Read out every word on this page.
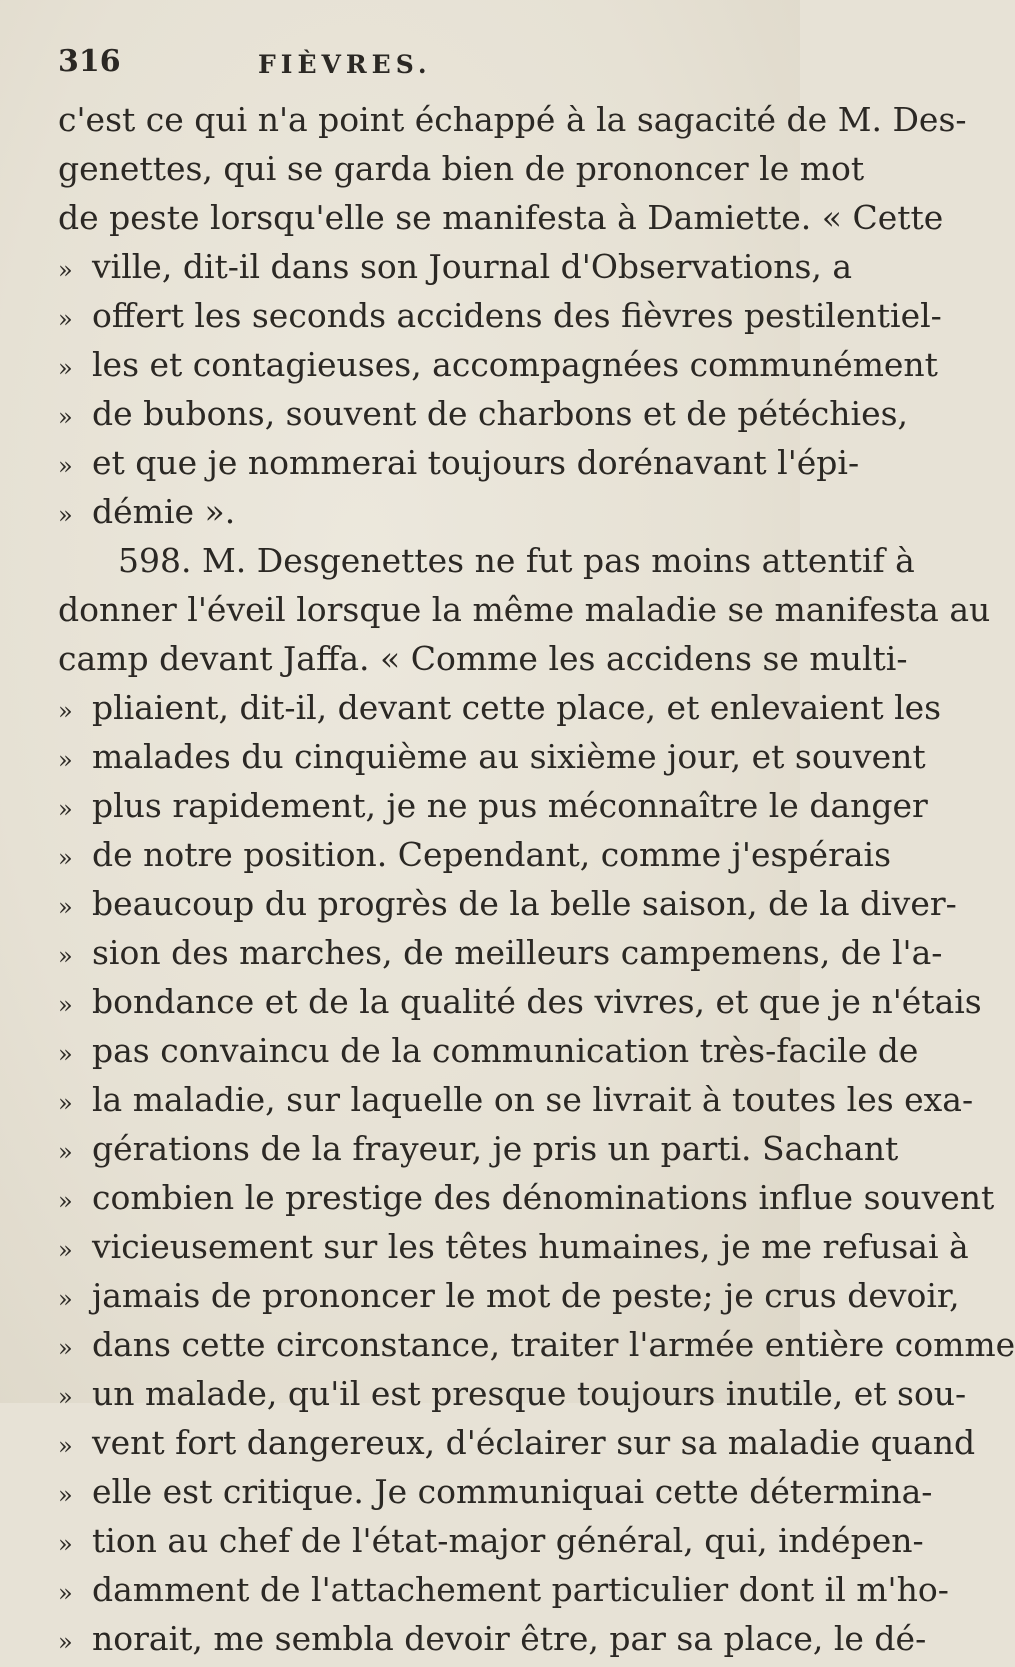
316	FIÈVRES.
c'est ce qui n'a point échappé à la sagacité de M. Des-
genettes, qui se garda bien de prononcer le mot
de peste lorsqu'elle se manifesta à Damiette. « Cette
» ville, dit-il dans son Journal d'Observations, a
» offert les seconds accidens des fièvres pestilentiel-
» les et contagieuses, accompagnées communément
» de bubons, souvent de charbons et de pétéchies,
» et que je nommerai toujours dorénavant l'épi-
» démie ».
598. M. Desgenettes ne fut pas moins attentif à
donner l'éveil lorsque la même maladie se manifesta au
camp devant Jaffa. « Comme les accidens se multi-
» pliaient, dit-il, devant cette place, et enlevaient les
» malades du cinquième au sixième jour, et souvent
» plus rapidement, je ne pus méconnaître le danger
» de notre position. Cependant, comme j'espérais
» beaucoup du progrès de la belle saison, de la diver-
» sion des marches, de meilleurs campemens, de l'a-
» bondance et de la qualité des vivres, et que je n'étais
» pas convaincu de la communication très-facile de
» la maladie, sur laquelle on se livrait à toutes les exa-
» gérations de la frayeur, je pris un parti. Sachant
» combien le prestige des dénominations influe souvent
» vicieusement sur les têtes humaines, je me refusai à
» jamais de prononcer le mot de peste; je crus devoir,
» dans cette circonstance, traiter l'armée entière comme
» un malade, qu'il est presque toujours inutile, et sou-
» vent fort dangereux, d'éclairer sur sa maladie quand
» elle est critique. Je communiquai cette détermina-
» tion au chef de l'état-major général, qui, indépen-
» damment de l'attachement particulier dont il m'ho-
» norait, me sembla devoir être, par sa place, le dé-
